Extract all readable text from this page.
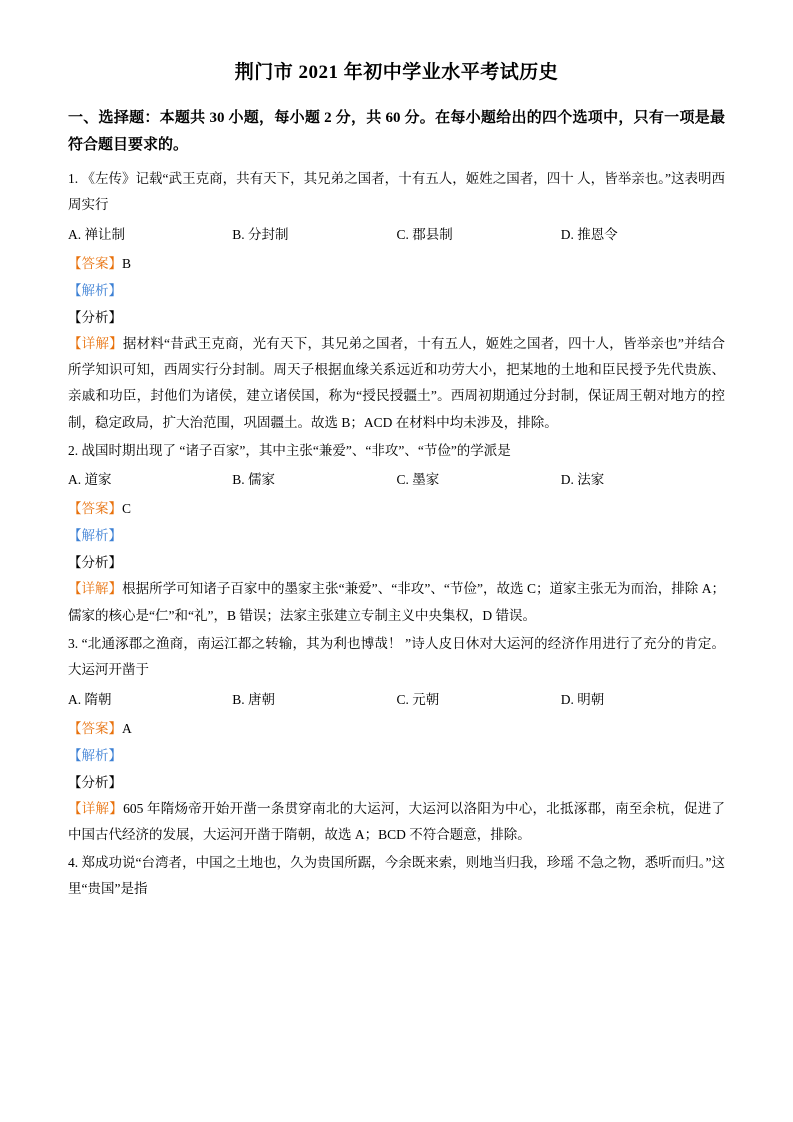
荆门市 2021 年初中学业水平考试历史
一、选择题：本题共 30 小题，每小题 2 分，共 60 分。在每小题给出的四个选项中，只有一项是最符合题目要求的。

1. 《左传》记载“武王克商，共有天下，其兄弟之国者，十有五人，姬姓之国者，四十 人，皆举亲也。”这表明西周实行

A. 禅让制	B. 分封制	C. 郡县制	D. 推恩令

【答案】B

【解析】

【分析】

【详解】据材料“昔武王克商，光有天下，其兄弟之国者，十有五人，姬姓之国者，四十人，皆举亲也”并结合所学知识可知，西周实行分封制。周天子根据血缘关系远近和功劳大小，把某地的土地和臣民授予先代贵族、亲戚和功臣，封他们为诸侯，建立诸侯国，称为“授民授疆土”。西周初期通过分封制，保证周王朝对地方的控制，稳定政局，扩大治范围，巩固疆土。故选 B；ACD 在材料中均未涉及，排除。

2. 战国时期出现了 “诸子百家”，其中主张“兼爱”、“非攻”、“节俭”的学派是

A. 道家	B. 儒家	C. 墨家	D. 法家

【答案】C

【解析】

【分析】

【详解】根据所学可知诸子百家中的墨家主张“兼爱”、“非攻”、“节俭”，故选 C；道家主张无为而治，排除 A；儒家的核心是“仁”和“礼”，B 错误；法家主张建立专制主义中央集权，D 错误。

3. “北通涿郡之渔商，南运江都之转输，其为利也博哉！ ”诗人皮日休对大运河的经济作用进行了充分的肯定。大运河开凿于

A. 隋朝	B. 唐朝	C. 元朝	D. 明朝

【答案】A

【解析】

【分析】

【详解】605 年隋炀帝开始开凿一条贯穿南北的大运河，大运河以洛阳为中心，北抵涿郡，南至余杭，促进了中国古代经济的发展，大运河开凿于隋朝，故选 A；BCD 不符合题意，排除。

4. 郑成功说“台湾者，中国之土地也，久为贵国所踞，今余既来索，则地当归我，珍瑶 不急之物，悉听而归。”这里“贵国”是指
